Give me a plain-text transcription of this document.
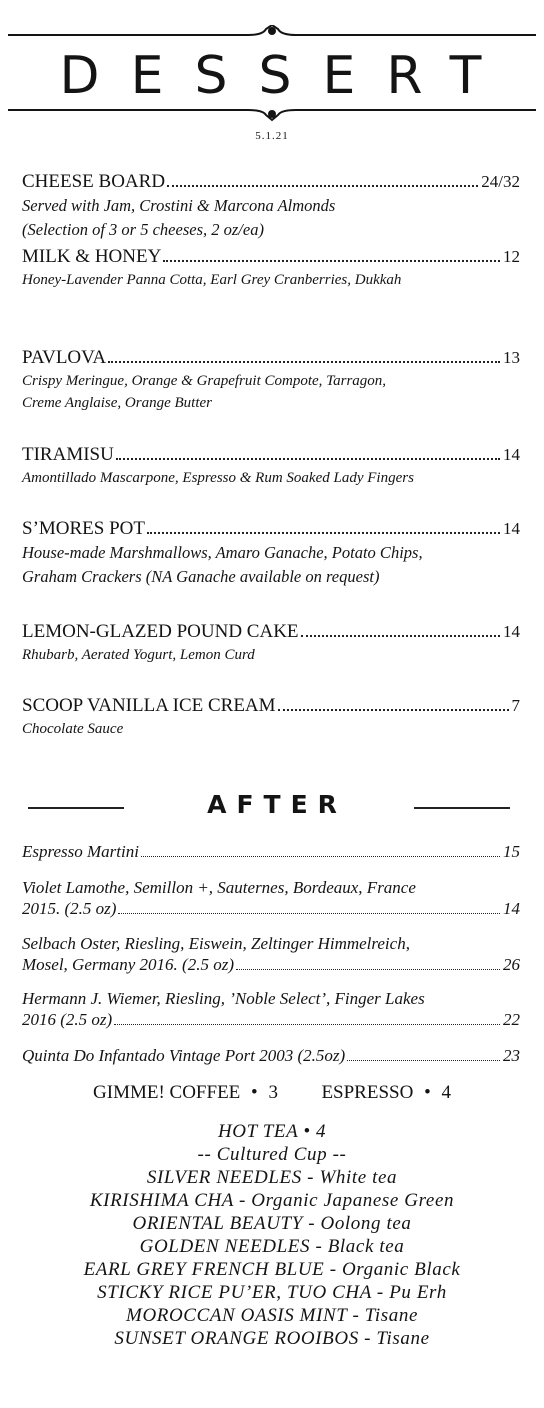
DESSERT
5.1.21
CHEESE BOARD	24/32
Served with Jam, Crostini & Marcona Almonds
(Selection of 3 or 5 cheeses, 2 oz/ea)
MILK & HONEY	12
Honey-Lavender Panna Cotta, Earl Grey Cranberries, Dukkah
PAVLOVA	13
Crispy Meringue, Orange & Grapefruit Compote, Tarragon,
Creme Anglaise, Orange Butter
TIRAMISU	14
Amontillado Mascarpone, Espresso & Rum Soaked Lady Fingers
S’MORES POT	14
House-made Marshmallows, Amaro Ganache, Potato Chips,
Graham Crackers (NA Ganache available on request)
LEMON-GLAZED POUND CAKE	14
Rhubarb, Aerated Yogurt, Lemon Curd
SCOOP VANILLA ICE CREAM	7
Chocolate Sauce
AFTER
Espresso Martini	15
Violet Lamothe, Semillon +, Sauternes, Bordeaux, France
2015. (2.5 oz)	14
Selbach Oster, Riesling, Eiswein, Zeltinger Himmelreich,
Mosel, Germany 2016. (2.5 oz)	26
Hermann J. Wiemer, Riesling, ’Noble Select’, Finger Lakes
2016 (2.5 oz)	22
Quinta Do Infantado Vintage Port 2003 (2.5oz)	23
GIMME! COFFEE • 3 ESPRESSO • 4
HOT TEA • 4
-- Cultured Cup --
SILVER NEEDLES - White tea
KIRISHIMA CHA - Organic Japanese Green
ORIENTAL BEAUTY - Oolong tea
GOLDEN NEEDLES - Black tea
EARL GREY FRENCH BLUE - Organic Black
STICKY RICE PU’ER, TUO CHA - Pu Erh
MOROCCAN OASIS MINT - Tisane
SUNSET ORANGE ROOIBOS - Tisane
